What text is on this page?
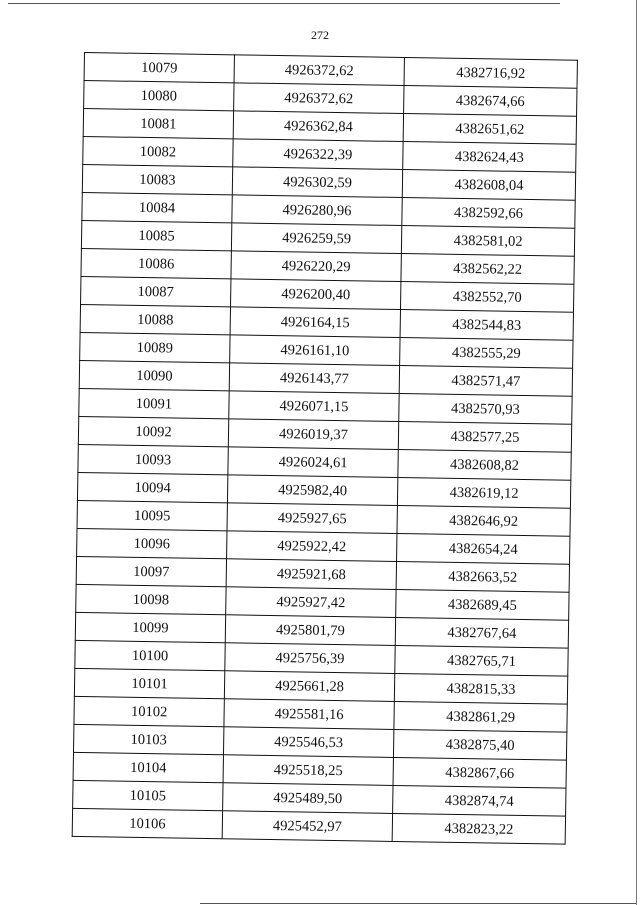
272
10079	4926372,62	4382716,92
10080	4926372,62	4382674,66
10081	4926362,84	4382651,62
10082	4926322,39	4382624,43
10083	4926302,59	4382608,04
10084	4926280,96	4382592,66
10085	4926259,59	4382581,02
10086	4926220,29	4382562,22
10087	4926200,40	4382552,70
10088	4926164,15	4382544,83
10089	4926161,10	4382555,29
10090	4926143,77	4382571,47
10091	4926071,15	4382570,93
10092	4926019,37	4382577,25
10093	4926024,61	4382608,82
10094	4925982,40	4382619,12
10095	4925927,65	4382646,92
10096	4925922,42	4382654,24
10097	4925921,68	4382663,52
10098	4925927,42	4382689,45
10099	4925801,79	4382767,64
10100	4925756,39	4382765,71
10101	4925661,28	4382815,33
10102	4925581,16	4382861,29
10103	4925546,53	4382875,40
10104	4925518,25	4382867,66
10105	4925489,50	4382874,74
10106	4925452,97	4382823,22
